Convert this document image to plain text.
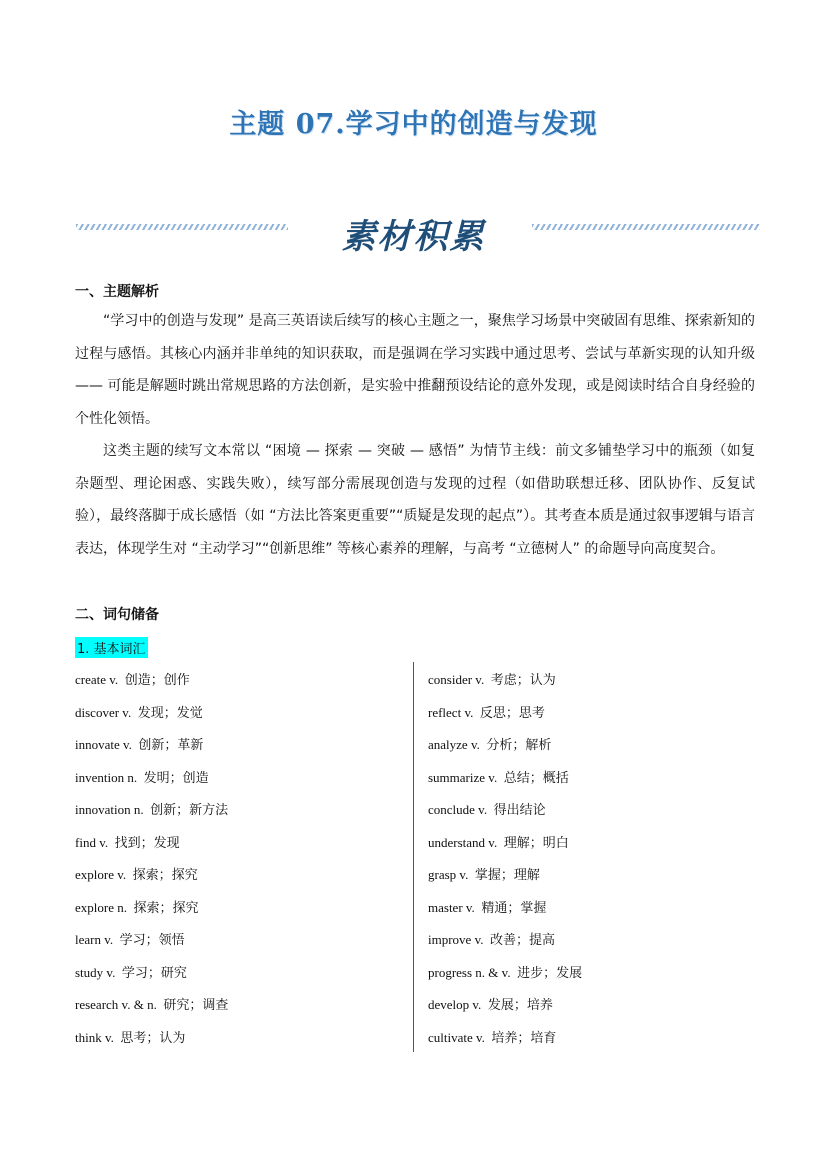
主题 07.学习中的创造与发现
素材积累
一、主题解析
“学习中的创造与发现” 是高三英语读后续写的核心主题之一，聚焦学习场景中突破固有思维、探索新知的过程与感悟。其核心内涵并非单纯的知识获取，而是强调在学习实践中通过思考、尝试与革新实现的认知升级 —— 可能是解题时跳出常规思路的方法创新，是实验中推翻预设结论的意外发现，或是阅读时结合自身经验的个性化领悟。
这类主题的续写文本常以 “困境 — 探索 — 突破 — 感悟” 为情节主线：前文多铺垫学习中的瓶颈（如复杂题型、理论困惑、实践失败），续写部分需展现创造与发现的过程（如借助联想迁移、团队协作、反复试验），最终落脚于成长感悟（如 “方法比答案更重要”“质疑是发现的起点”）。其考查本质是通过叙事逻辑与语言表达，体现学生对 “主动学习”“创新思维” 等核心素养的理解，与高考 “立德树人” 的命题导向高度契合。
二、词句储备
1. 基本词汇
create v. 创造；创作
discover v. 发现；发觉
innovate v. 创新；革新
invention n. 发明；创造
innovation n. 创新；新方法
find v. 找到；发现
explore v. 探索；探究
explore n. 探索；探究
learn v. 学习；领悟
study v. 学习；研究
research v. & n. 研究；调查
think v. 思考；认为
consider v. 考虑；认为
reflect v. 反思；思考
analyze v. 分析；解析
summarize v. 总结；概括
conclude v. 得出结论
understand v. 理解；明白
grasp v. 掌握；理解
master v. 精通；掌握
improve v. 改善；提高
progress n. & v. 进步；发展
develop v. 发展；培养
cultivate v. 培养；培育
